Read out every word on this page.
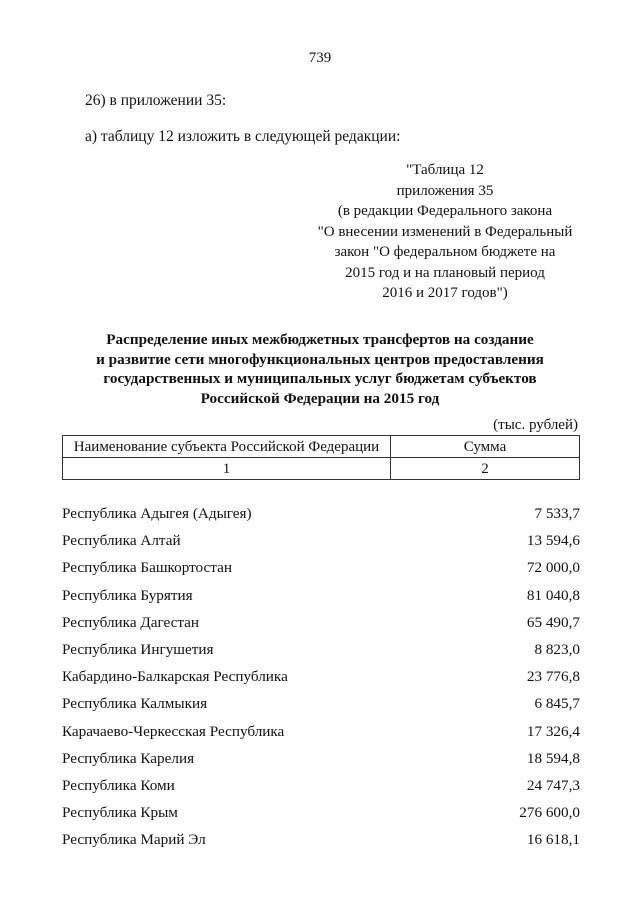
739
26) в приложении 35:
а) таблицу 12 изложить в следующей редакции:
"Таблица 12
приложения 35
(в редакции Федерального закона
"О внесении изменений в Федеральный
закон "О федеральном бюджете на
2015 год и на плановый период
2016 и 2017 годов")
Распределение иных межбюджетных трансфертов на создание
и развитие сети многофункциональных центров предоставления
государственных и муниципальных услуг бюджетам субъектов
Российской Федерации на 2015 год
(тыс. рублей)
Наименование субъекта Российской Федерации	Сумма
1	2
Республика Адыгея (Адыгея)	7 533,7
Республика Алтай	13 594,6
Республика Башкортостан	72 000,0
Республика Бурятия	81 040,8
Республика Дагестан	65 490,7
Республика Ингушетия	8 823,0
Кабардино-Балкарская Республика	23 776,8
Республика Калмыкия	6 845,7
Карачаево-Черкесская Республика	17 326,4
Республика Карелия	18 594,8
Республика Коми	24 747,3
Республика Крым	276 600,0
Республика Марий Эл	16 618,1
